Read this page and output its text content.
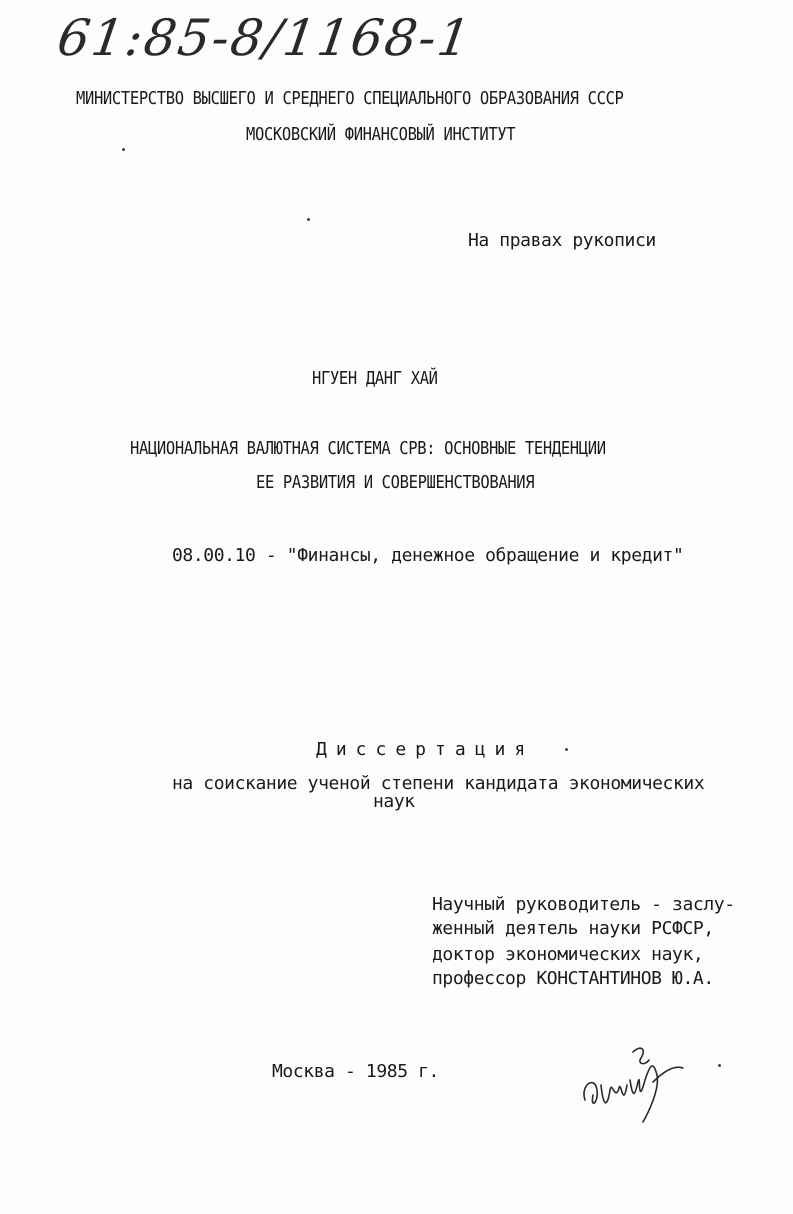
61:85-8/1168-1
МИНИСТЕРСТВО ВЫСШЕГО И СРЕДНЕГО СПЕЦИАЛЬНОГО ОБРАЗОВАНИЯ СССР
МОСКОВСКИЙ ФИНАНСОВЫЙ ИНСТИТУТ
На правах рукописи
НГУЕН ДАНГ ХАЙ
НАЦИОНАЛЬНАЯ ВАЛЮТНАЯ СИСТЕМА СРВ: ОСНОВНЫЕ ТЕНДЕНЦИИ
ЕЕ РАЗВИТИЯ И СОВЕРШЕНСТВОВАНИЯ
08.00.10 - "Финансы, денежное обращение и кредит"
Диссертация
на соискание ученой степени кандидата экономических
наук
Научный руководитель - заслу-
женный деятель науки РСФСР,
доктор экономических наук,
профессор КОНСТАНТИНОВ Ю.А.
Москва - 1985 г.
